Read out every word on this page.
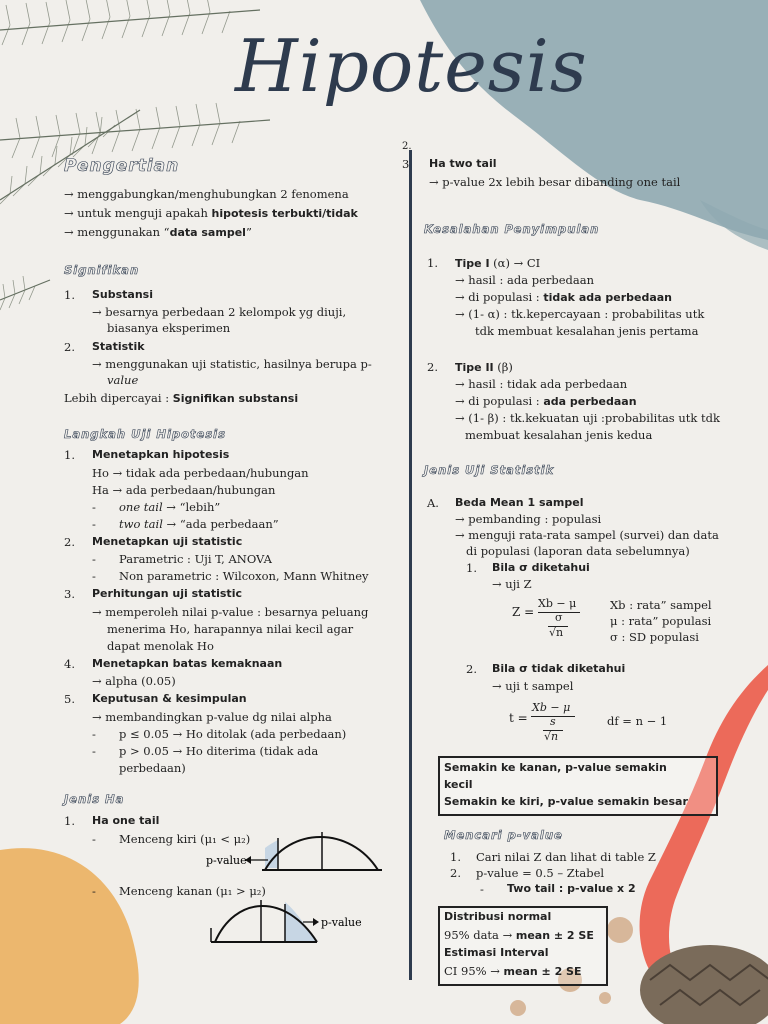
Hipotesis
Pengertian
→ menggabungkan/menghubungkan 2 fenomena
→ untuk menguji apakah hipotesis terbukti/tidak
→ menggunakan “data sampel”
Signifikan
1. Substansi
→ besarnya perbedaan 2 kelompok yg diuji,
biasanya eksperimen
2. Statistik
→ menggunakan uji statistic, hasilnya berupa p-
value
Lebih dipercayai : Signifikan substansi
Langkah Uji Hipotesis
1. Menetapkan hipotesis
Ho → tidak ada perbedaan/hubungan
Ha → ada perbedaan/hubungan
- one tail → “lebih”
- two tail → “ada perbedaan”
2. Menetapkan uji statistic
- Parametric : Uji T, ANOVA
- Non parametric : Wilcoxon, Mann Whitney
3. Perhitungan uji statistic
→ memperoleh nilai p-value : besarnya peluang
menerima Ho, harapannya nilai kecil agar
dapat menolak Ho
4. Menetapkan batas kemaknaan
→ alpha (0.05)
5. Keputusan & kesimpulan
→ membandingkan p-value dg nilai alpha
- p ≤ 0.05 → Ho ditolak (ada perbedaan)
- p > 0.05 → Ho diterima (tidak ada
perbedaan)
Jenis Ha
1. Ha one tail
- Menceng kiri (μ₁ < μ₂)
- Menceng kanan (μ₁ > μ₂)
p-value
p-value
2.
3 Ha two tail
→ p-value 2x lebih besar dibanding one tail
Kesalahan Penyimpulan
1. Tipe I (α) → CI
→ hasil : ada perbedaan
→ di populasi : tidak ada perbedaan
→ (1- α) : tk.kepercayaan : probabilitas utk
tdk membuat kesalahan jenis pertama
2. Tipe II (β)
→ hasil : tidak ada perbedaan
→ di populasi : ada perbedaan
→ (1- β) : tk.kekuatan uji :probabilitas utk tdk
membuat kesalahan jenis kedua
Jenis Uji Statistik
A. Beda Mean 1 sampel
→ pembanding : populasi
→ menguji rata-rata sampel (survei) dan data
di populasi (laporan data sebelumnya)
1. Bila σ diketahui
→ uji Z
Z =
Xb − μ
σ
√n
Xb : rata” sampel
μ : rata” populasi
σ : SD populasi
2. Bila σ tidak diketahui
→ uji t sampel
t =
Xb − μ
s
√n
df = n − 1
Semakin ke kanan, p-value semakin
kecil
Semakin ke kiri, p-value semakin besar
Mencari p-value
1. Cari nilai Z dan lihat di table Z
2. p-value = 0.5 – Ztabel
- Two tail : p-value x 2
Distribusi normal
95% data → mean ± 2 SE
Estimasi Interval
CI 95% → mean ± 2 SE
